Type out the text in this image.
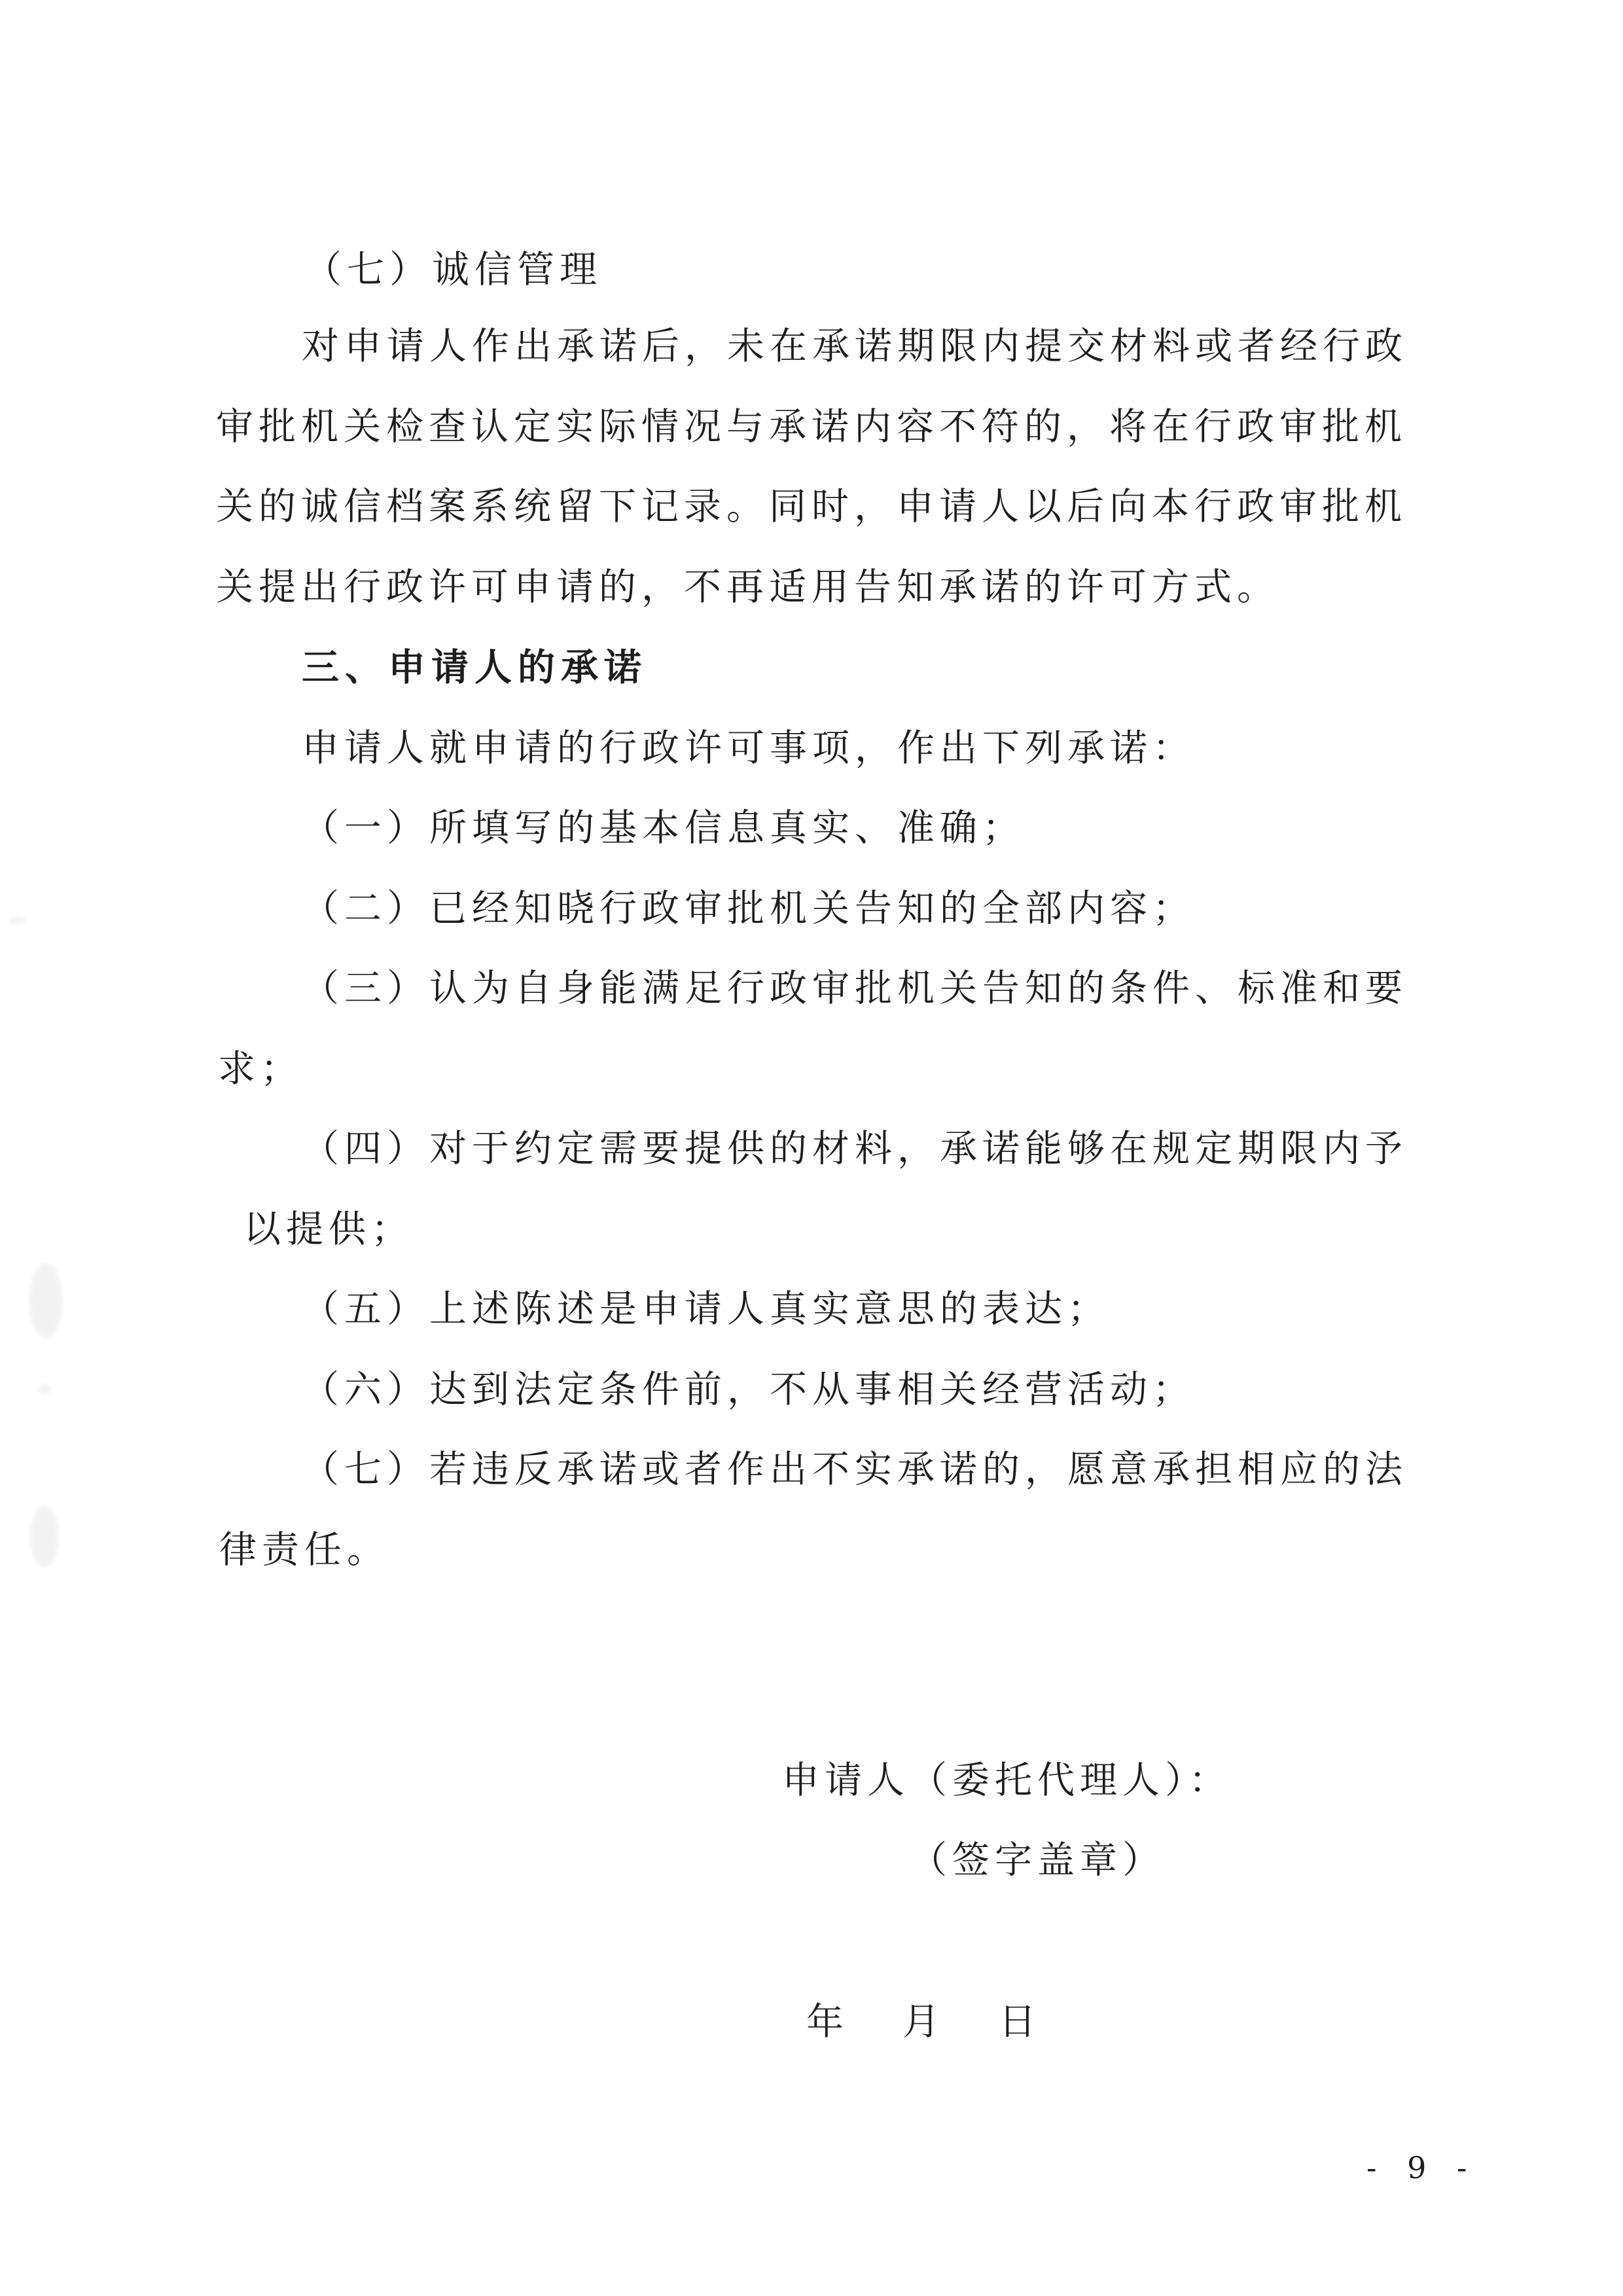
（七）诚信管理
对申请人作出承诺后，未在承诺期限内提交材料或者经行政
审批机关检查认定实际情况与承诺内容不符的，将在行政审批机
关的诚信档案系统留下记录。同时，申请人以后向本行政审批机
关提出行政许可申请的，不再适用告知承诺的许可方式。
三、申请人的承诺
申请人就申请的行政许可事项，作出下列承诺：
（一）所填写的基本信息真实、准确；
（二）已经知晓行政审批机关告知的全部内容；
（三）认为自身能满足行政审批机关告知的条件、标准和要
求；
（四）对于约定需要提供的材料，承诺能够在规定期限内予
以提供；
（五）上述陈述是申请人真实意思的表达；
（六）达到法定条件前，不从事相关经营活动；
（七）若违反承诺或者作出不实承诺的，愿意承担相应的法
律责任。
申请人（委托代理人）：
（签字盖章）
年 月 日
- 9 -
